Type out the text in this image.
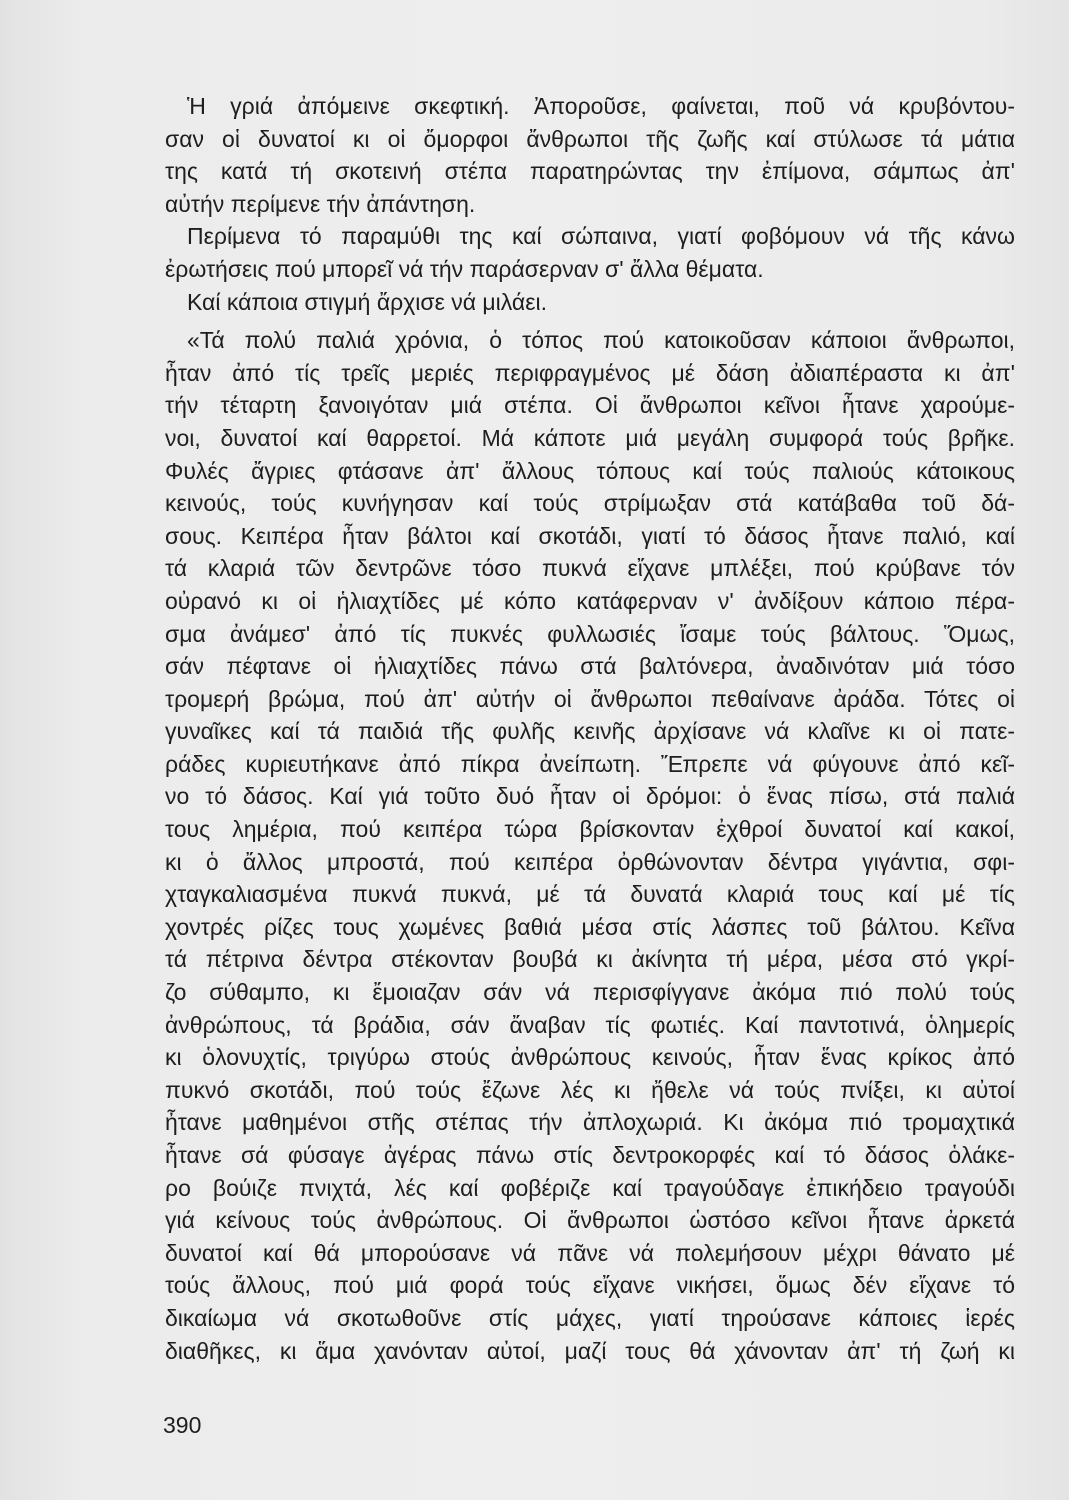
Ἡ γριά ἀπόμεινε σκεφτική. Ἀποροῦσε, φαίνεται, ποῦ νά κρυβόντου-
σαν οἱ δυνατοί κι οἱ ὄμορφοι ἄνθρωποι τῆς ζωῆς καί στύλωσε τά μάτια
της κατά τή σκοτεινή στέπα παρατηρώντας την ἐπίμονα, σάμπως ἀπ'
αὐτήν περίμενε τήν ἀπάντηση.
Περίμενα τό παραμύθι της καί σώπαινα, γιατί φοβόμουν νά τῆς κάνω
ἐρωτήσεις πού μπορεῖ νά τήν παράσερναν σ' ἄλλα θέματα.
Καί κάποια στιγμή ἄρχισε νά μιλάει.
«Τά πολύ παλιά χρόνια, ὁ τόπος πού κατοικοῦσαν κάποιοι ἄνθρωποι,
ἦταν ἀπό τίς τρεῖς μεριές περιφραγμένος μέ δάση ἀδιαπέραστα κι ἀπ'
τήν τέταρτη ξανοιγόταν μιά στέπα. Οἱ ἄνθρωποι κεῖνοι ἦτανε χαρούμε-
νοι, δυνατοί καί θαρρετοί. Μά κάποτε μιά μεγάλη συμφορά τούς βρῆκε.
Φυλές ἄγριες φτάσανε ἀπ' ἄλλους τόπους καί τούς παλιούς κάτοικους
κεινούς, τούς κυνήγησαν καί τούς στρίμωξαν στά κατάβαθα τοῦ δά-
σους. Κειπέρα ἦταν βάλτοι καί σκοτάδι, γιατί τό δάσος ἦτανε παλιό, καί
τά κλαριά τῶν δεντρῶνε τόσο πυκνά εἴχανε μπλέξει, πού κρύβανε τόν
οὐρανό κι οἱ ἡλιαχτίδες μέ κόπο κατάφερναν ν' ἀνδίξουν κάποιο πέρα-
σμα ἀνάμεσ' ἀπό τίς πυκνές φυλλωσιές ἴσαμε τούς βάλτους. Ὅμως,
σάν πέφτανε οἱ ἡλιαχτίδες πάνω στά βαλτόνερα, ἀναδινόταν μιά τόσο
τρομερή βρώμα, πού ἀπ' αὐτήν οἱ ἄνθρωποι πεθαίνανε ἀράδα. Τότες οἱ
γυναῖκες καί τά παιδιά τῆς φυλῆς κεινῆς ἀρχίσανε νά κλαῖνε κι οἱ πατε-
ράδες κυριευτήκανε ἀπό πίκρα ἀνείπωτη. Ἔπρεπε νά φύγουνε ἀπό κεῖ-
νο τό δάσος. Καί γιά τοῦτο δυό ἦταν οἱ δρόμοι: ὁ ἕνας πίσω, στά παλιά
τους λημέρια, πού κειπέρα τώρα βρίσκονταν ἐχθροί δυνατοί καί κακοί,
κι ὁ ἄλλος μπροστά, πού κειπέρα ὀρθώνονταν δέντρα γιγάντια, σφι-
χταγκαλιασμένα πυκνά πυκνά, μέ τά δυνατά κλαριά τους καί μέ τίς
χοντρές ρίζες τους χωμένες βαθιά μέσα στίς λάσπες τοῦ βάλτου. Κεῖνα
τά πέτρινα δέντρα στέκονταν βουβά κι ἀκίνητα τή μέρα, μέσα στό γκρί-
ζο σύθαμπο, κι ἔμοιαζαν σάν νά περισφίγγανε ἀκόμα πιό πολύ τούς
ἀνθρώπους, τά βράδια, σάν ἄναβαν τίς φωτιές. Καί παντοτινά, ὁλημερίς
κι ὁλονυχτίς, τριγύρω στούς ἀνθρώπους κεινούς, ἦταν ἕνας κρίκος ἀπό
πυκνό σκοτάδι, πού τούς ἔζωνε λές κι ἤθελε νά τούς πνίξει, κι αὐτοί
ἦτανε μαθημένοι στῆς στέπας τήν ἀπλοχωριά. Κι ἀκόμα πιό τρομαχτικά
ἦτανε σά φύσαγε ἀγέρας πάνω στίς δεντροκορφές καί τό δάσος ὁλάκε-
ρο βούιζε πνιχτά, λές καί φοβέριζε καί τραγούδαγε ἐπικήδειο τραγούδι
γιά κείνους τούς ἀνθρώπους. Οἱ ἄνθρωποι ὡστόσο κεῖνοι ἦτανε ἀρκετά
δυνατοί καί θά μπορούσανε νά πᾶνε νά πολεμήσουν μέχρι θάνατο μέ
τούς ἄλλους, πού μιά φορά τούς εἴχανε νικήσει, ὅμως δέν εἴχανε τό
δικαίωμα νά σκοτωθοῦνε στίς μάχες, γιατί τηρούσανε κάποιες ἱερές
διαθῆκες, κι ἅμα χανόνταν αὐτοί, μαζί τους θά χάνονταν ἀπ' τή ζωή κι
390
